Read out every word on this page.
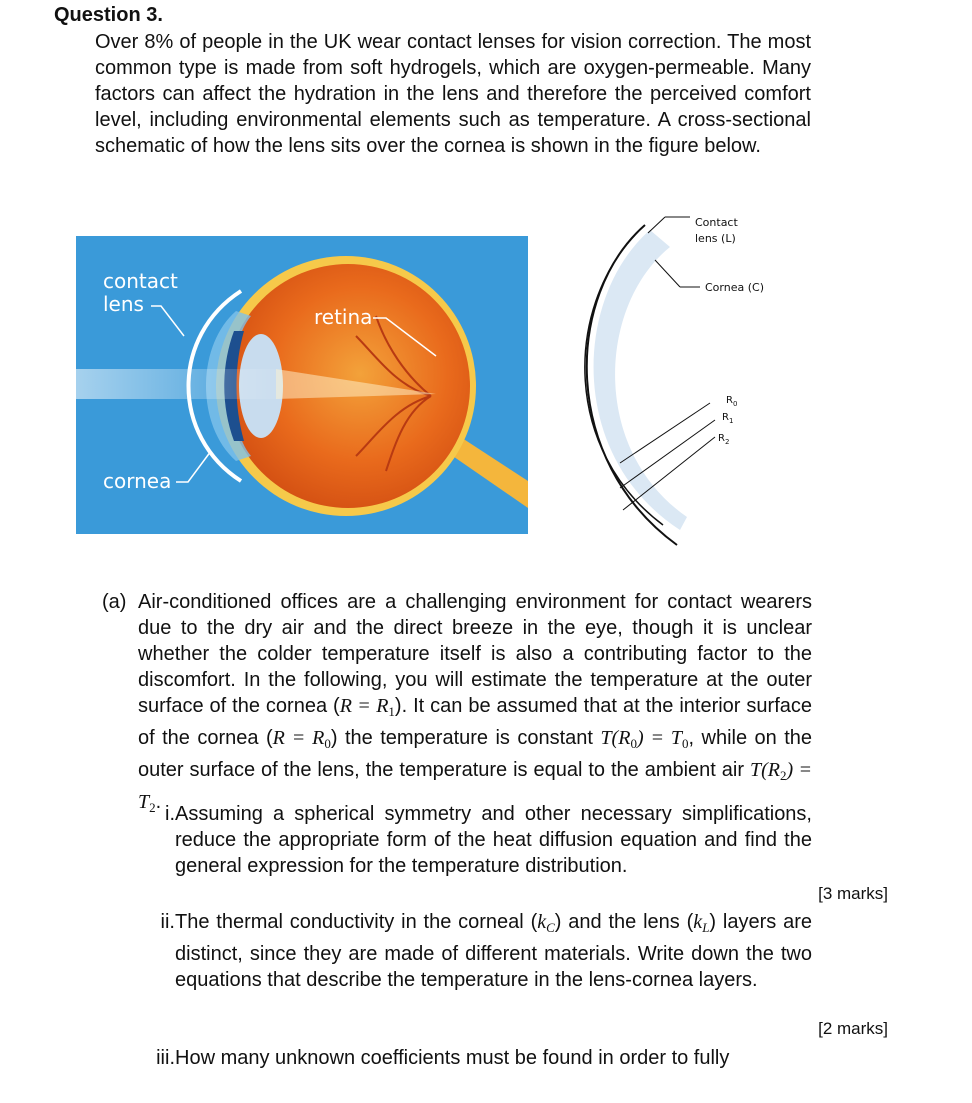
Question 3.

Over 8% of people in the UK wear contact lenses for vision correction. The most common type is made from soft hydrogels, which are oxygen-permeable. Many factors can affect the hydration in the lens and therefore the perceived comfort level, including environmental elements such as temperature. A cross-sectional schematic of how the lens sits over the cornea is shown in the figure below.

contact
lens
retina
cornea
Contact
lens (L)
Cornea (C)
$R_0$
$R_1$
$R_2$
(a) Air-conditioned offices are a challenging environment for contact wearers due to the dry air and the direct breeze in the eye, though it is unclear whether the colder temperature itself is also a contributing factor to the discomfort. In the following, you will estimate the temperature at the outer surface of the cornea $(R = R_1)$. It can be assumed that at the interior surface of the cornea $(R = R_0)$ the temperature is constant $T(R_0) = T_0$, while on the outer surface of the lens, the temperature is equal to the ambient air $T(R_2) = T_2$.
i. Assuming a spherical symmetry and other necessary simplifications, reduce the appropriate form of the heat diffusion equation and find the general expression for the temperature distribution.
[3 marks]
ii. The thermal conductivity in the corneal $(k_C)$ and the lens $(k_L)$ layers are distinct, since they are made of different materials. Write down the two equations that describe the temperature in the lens-cornea layers.
[2 marks]
iii. How many unknown coefficients must be found in order to fully
